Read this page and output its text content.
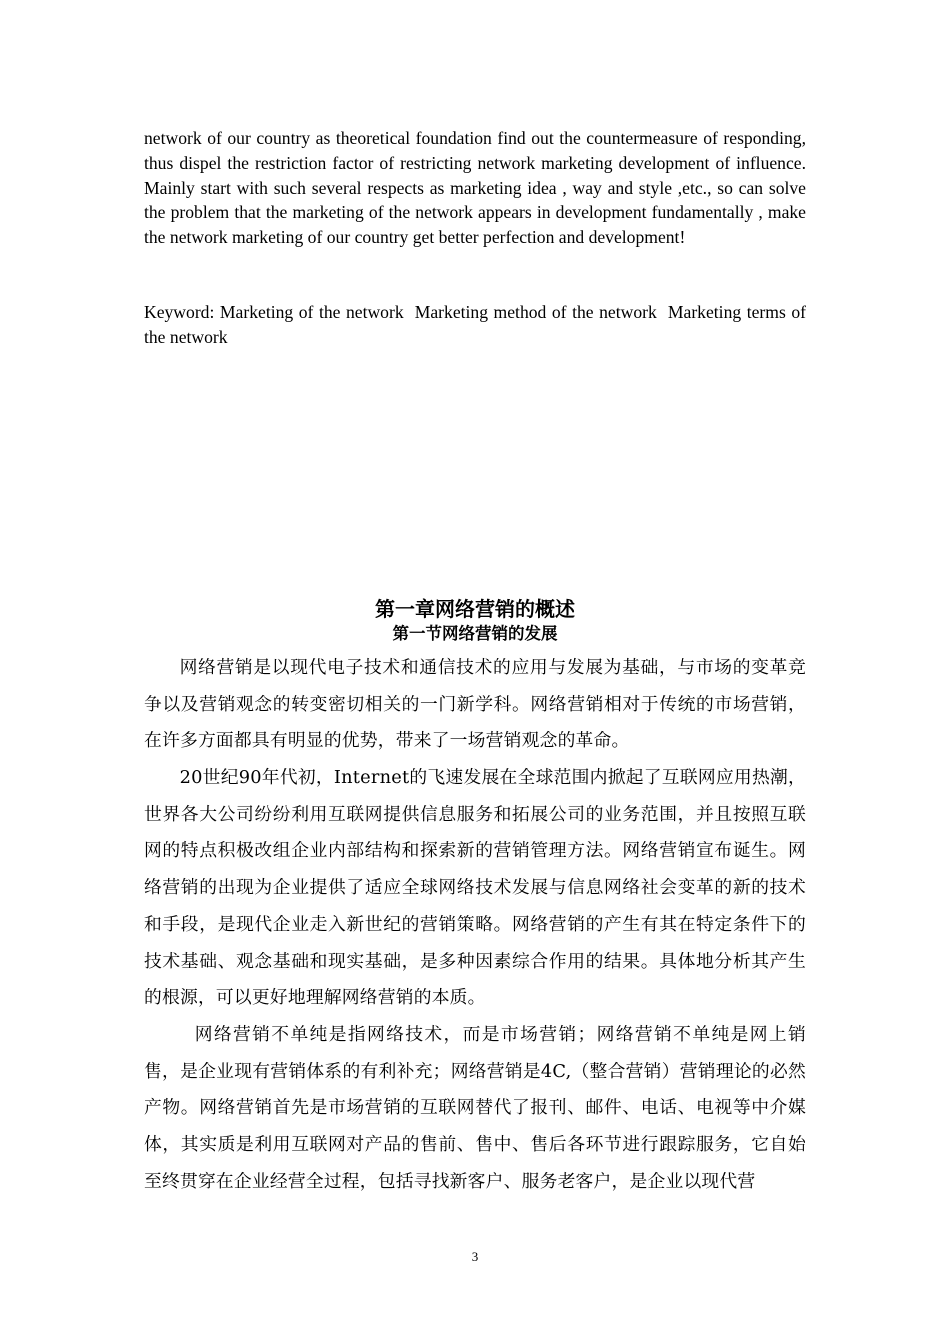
network of our country as theoretical foundation find out the countermeasure of responding, thus dispel the restriction factor of restricting network marketing development of influence. Mainly start with such several respects as marketing idea , way and style ,etc., so can solve the problem that the marketing of the network appears in development fundamentally , make the network marketing of our country get better perfection and development!

Keyword: Marketing of the network  Marketing method of the network  Marketing terms of the network

第一章网络营销的概述
第一节网络营销的发展

网络营销是以现代电子技术和通信技术的应用与发展为基础，与市场的变革竞争以及营销观念的转变密切相关的一门新学科。网络营销相对于传统的市场营销，在许多方面都具有明显的优势，带来了一场营销观念的革命。

20世纪90年代初，Internet的飞速发展在全球范围内掀起了互联网应用热潮，世界各大公司纷纷利用互联网提供信息服务和拓展公司的业务范围，并且按照互联网的特点积极改组企业内部结构和探索新的营销管理方法。网络营销宣布诞生。网络营销的出现为企业提供了适应全球网络技术发展与信息网络社会变革的新的技术和手段，是现代企业走入新世纪的营销策略。网络营销的产生有其在特定条件下的技术基础、观念基础和现实基础，是多种因素综合作用的结果。具体地分析其产生的根源，可以更好地理解网络营销的本质。

网络营销不单纯是指网络技术，而是市场营销；网络营销不单纯是网上销售，是企业现有营销体系的有利补充；网络营销是4C,（整合营销）营销理论的必然产物。网络营销首先是市场营销的互联网替代了报刊、邮件、电话、电视等中介媒体，其实质是利用互联网对产品的售前、售中、售后各环节进行跟踪服务，它自始至终贯穿在企业经营全过程，包括寻找新客户、服务老客户，是企业以现代营

3
